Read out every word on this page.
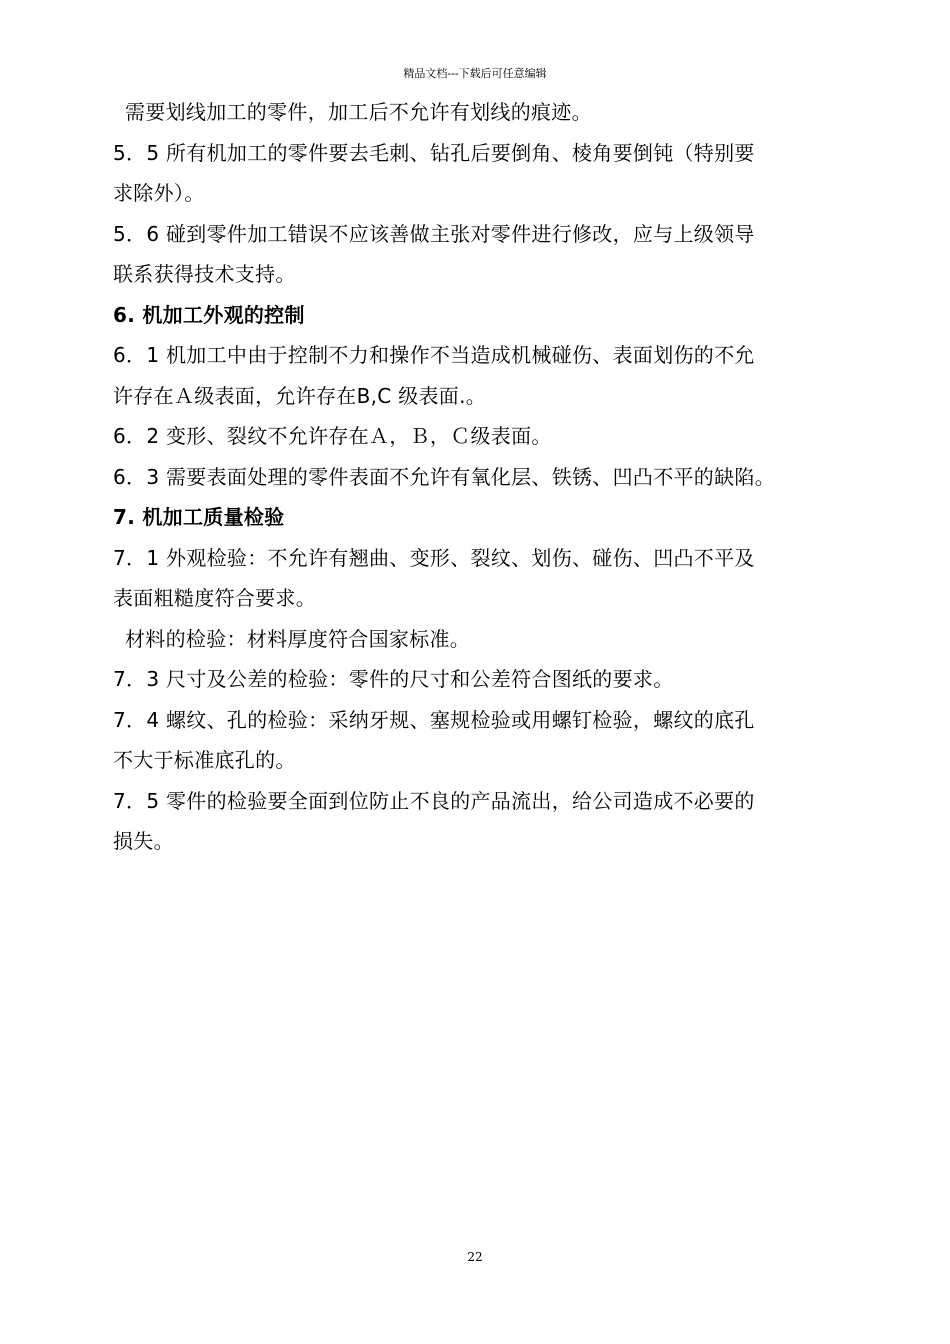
精品文档---下载后可任意编辑
需要划线加工的零件，加工后不允许有划线的痕迹。
5．5 所有机加工的零件要去毛刺、钻孔后要倒角、棱角要倒钝（特别要
求除外）。
5．6 碰到零件加工错误不应该善做主张对零件进行修改，应与上级领导
联系获得技术支持。
6. 机加工外观的控制
6．1 机加工中由于控制不力和操作不当造成机械碰伤、表面划伤的不允
许存在Ａ级表面，允许存在B,C 级表面.。
6．2 变形、裂纹不允许存在Ａ，Ｂ，Ｃ级表面。
6．3 需要表面处理的零件表面不允许有氧化层、铁锈、凹凸不平的缺陷。
7. 机加工质量检验
7．1 外观检验：不允许有翘曲、变形、裂纹、划伤、碰伤、凹凸不平及
表面粗糙度符合要求。
材料的检验：材料厚度符合国家标准。
7．3 尺寸及公差的检验：零件的尺寸和公差符合图纸的要求。
7．4 螺纹、孔的检验：采纳牙规、塞规检验或用螺钉检验，螺纹的底孔
不大于标准底孔的。
7．5 零件的检验要全面到位防止不良的产品流出，给公司造成不必要的
损失。
22
